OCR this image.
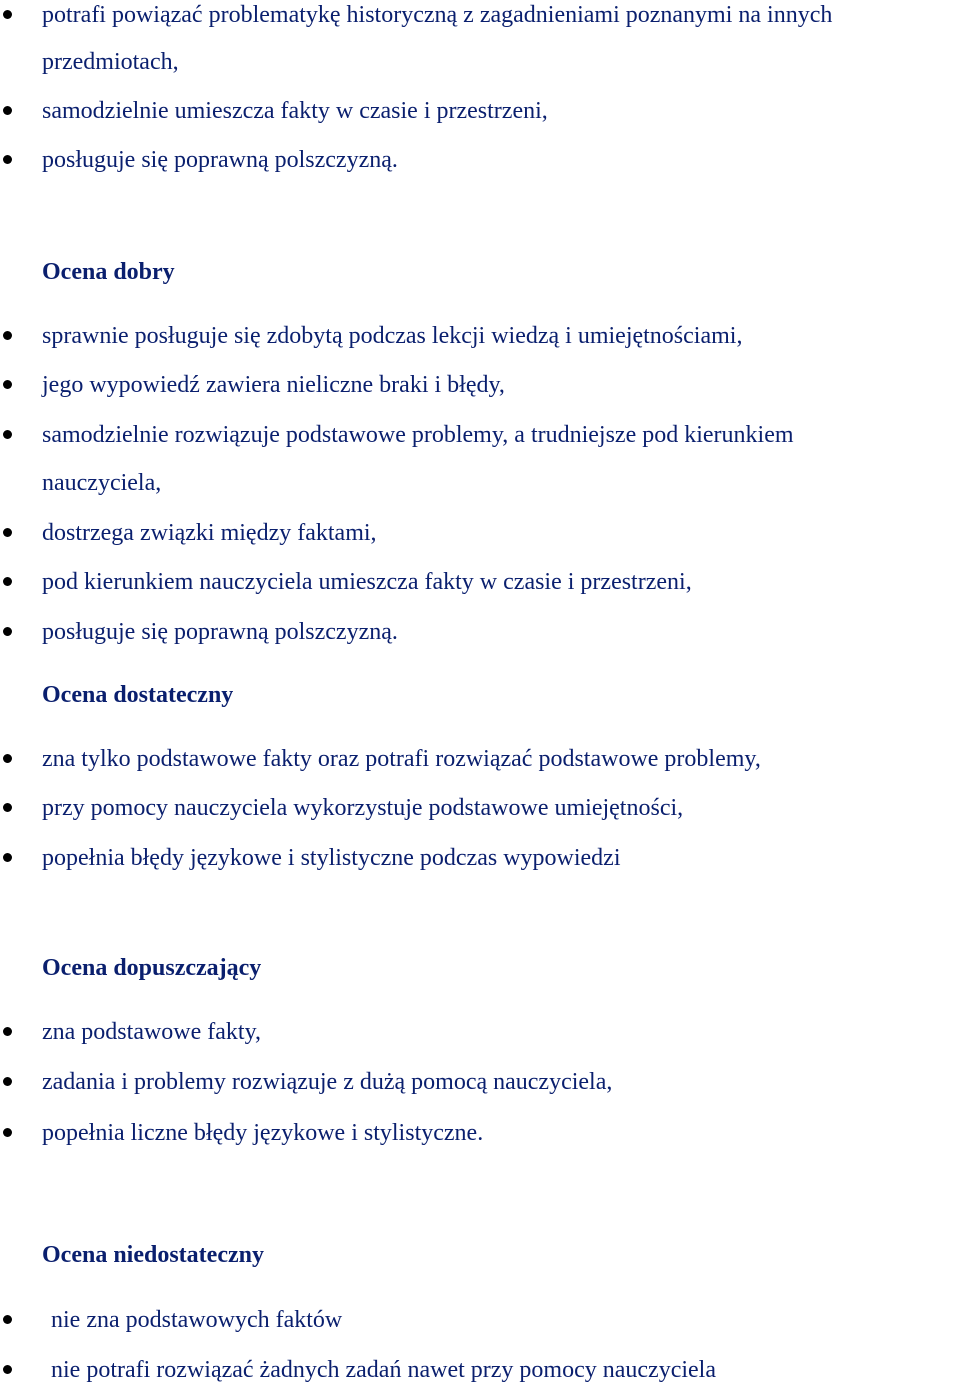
potrafi powiązać problematykę historyczną z zagadnieniami poznanymi na innych
przedmiotach,
samodzielnie umieszcza fakty w czasie i przestrzeni,
posługuje się poprawną polszczyzną.
Ocena dobry
sprawnie posługuje się zdobytą podczas lekcji wiedzą i umiejętnościami,
jego wypowiedź zawiera nieliczne braki i błędy,
samodzielnie rozwiązuje podstawowe problemy, a trudniejsze pod kierunkiem
nauczyciela,
dostrzega związki między faktami,
pod kierunkiem nauczyciela umieszcza fakty w czasie i przestrzeni,
posługuje się poprawną polszczyzną.
Ocena dostateczny
zna tylko podstawowe fakty oraz potrafi rozwiązać podstawowe problemy,
przy pomocy nauczyciela wykorzystuje podstawowe umiejętności,
popełnia błędy językowe i stylistyczne podczas wypowiedzi
Ocena dopuszczający
zna podstawowe fakty,
zadania i problemy rozwiązuje z dużą pomocą nauczyciela,
popełnia liczne błędy językowe i stylistyczne.
Ocena niedostateczny
nie zna podstawowych faktów
nie potrafi rozwiązać żadnych zadań nawet przy pomocy nauczyciela
